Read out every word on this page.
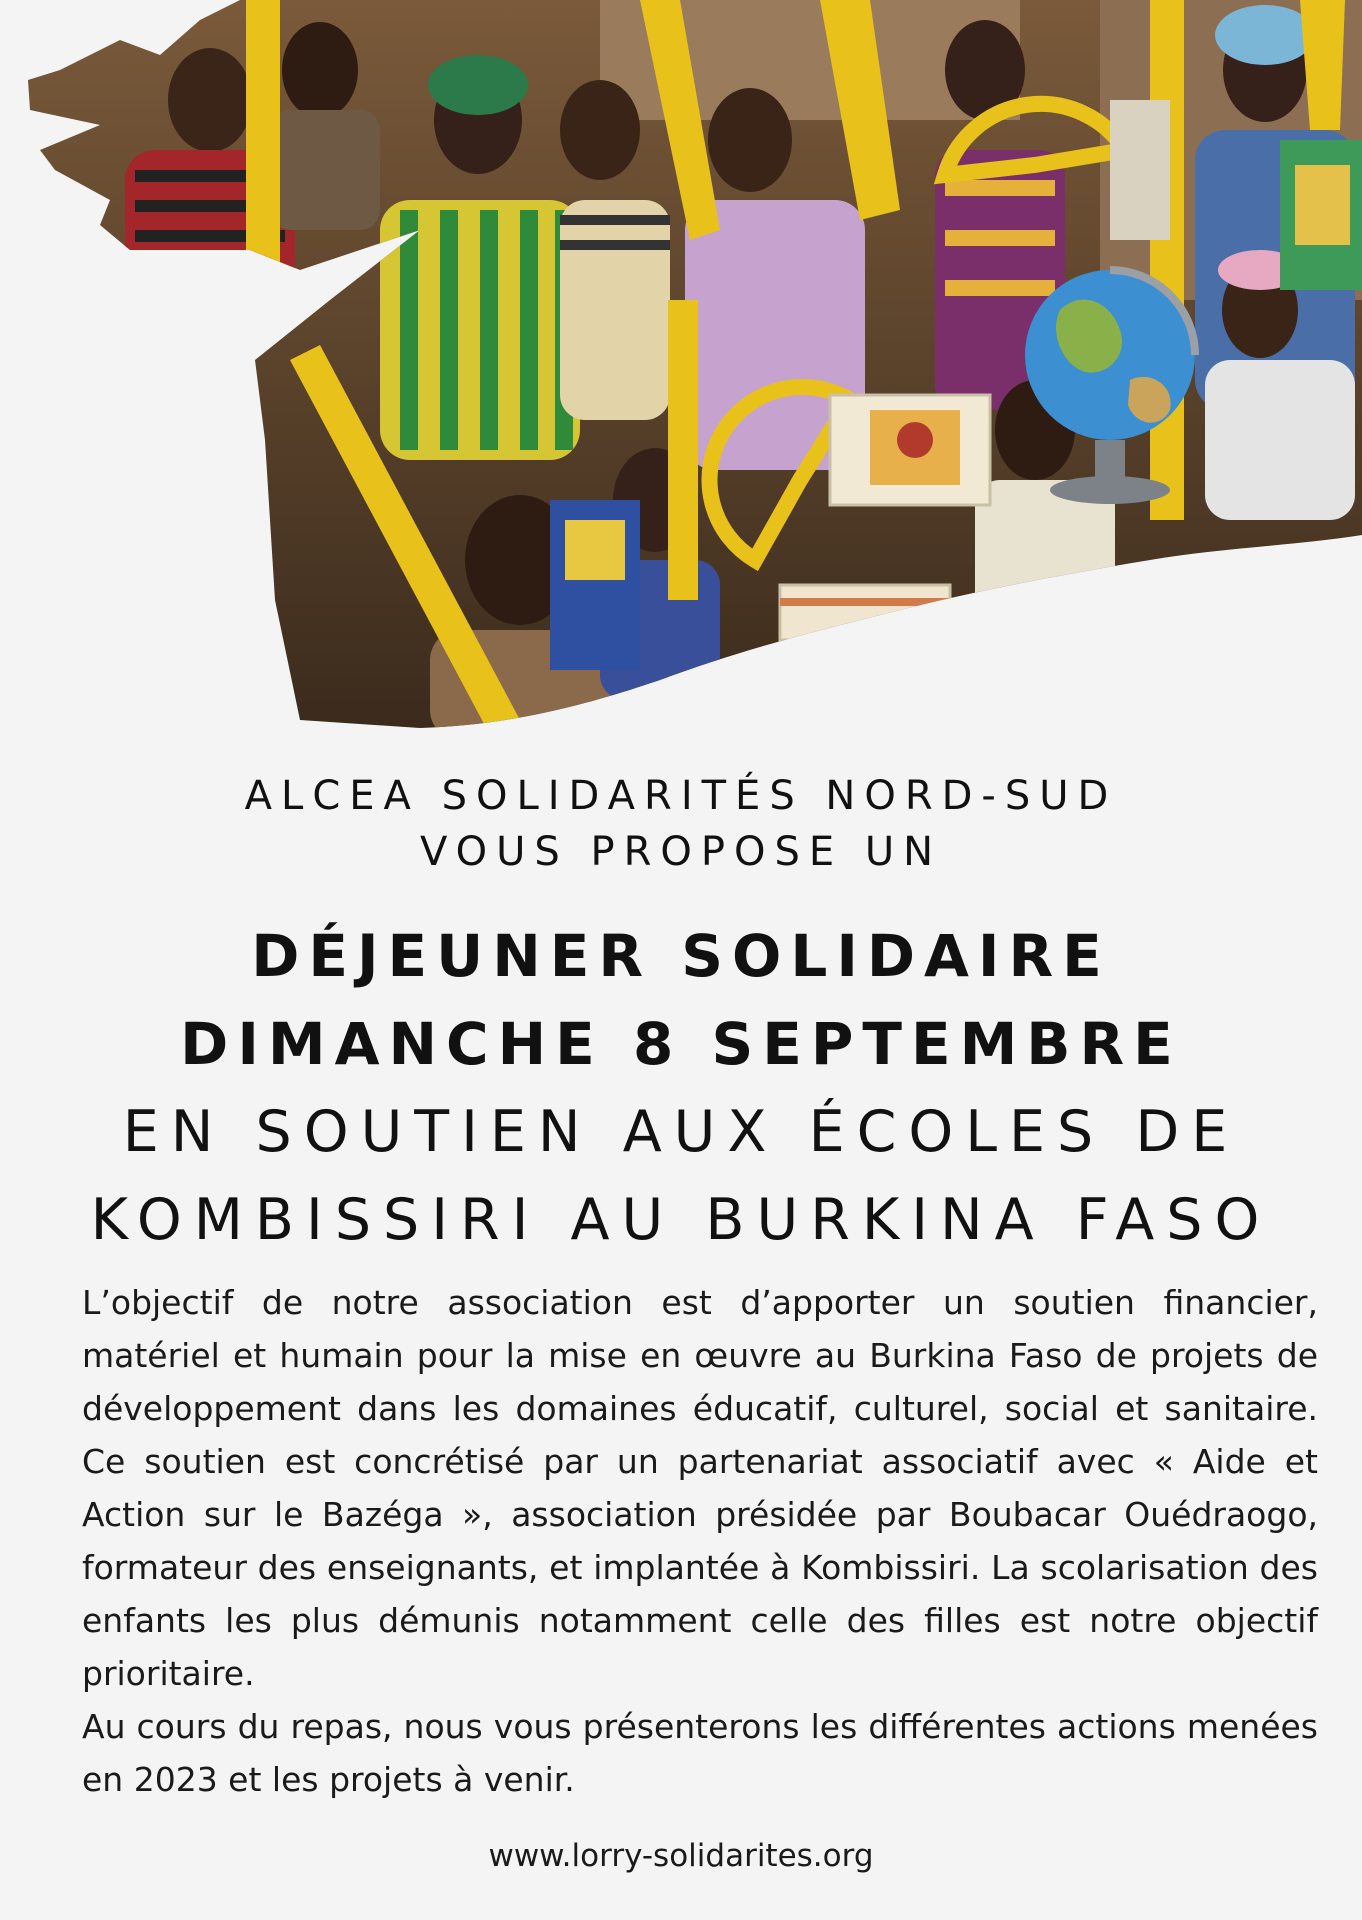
ALCEA SOLIDARITÉS NORD-SUD
VOUS PROPOSE UN
DÉJEUNER SOLIDAIRE
DIMANCHE 8 SEPTEMBRE
EN SOUTIEN AUX ÉCOLES DE
KOMBISSIRI AU BURKINA FASO

L’objectif de notre association est d’apporter un soutien financier, matériel et humain pour la mise en œuvre au Burkina Faso de projets de développement dans les domaines éducatif, culturel, social et sanitaire. Ce soutien est concrétisé par un partenariat associatif avec « Aide et Action sur le Bazéga », association présidée par Boubacar Ouédraogo, formateur des enseignants, et implantée à Kombissiri. La scolarisation des enfants les plus démunis notamment celle des filles est notre objectif prioritaire.

Au cours du repas, nous vous présenterons les différentes actions menées en 2023 et les projets à venir.

www.lorry-solidarites.org
